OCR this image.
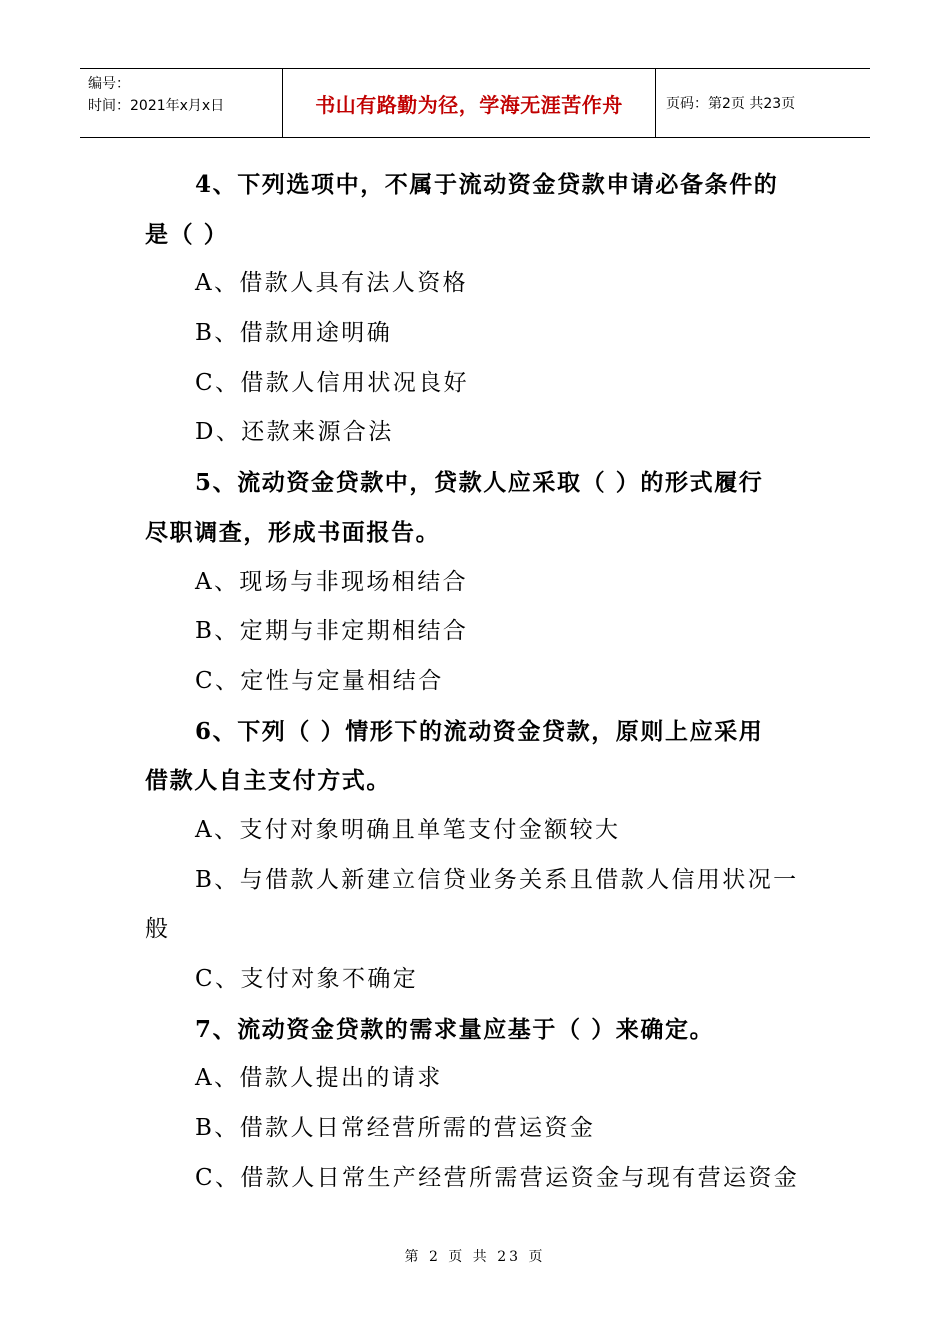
编号：
时间：2021年x月x日	书山有路勤为径，学海无涯苦作舟	页码：第2页 共23页
4、下列选项中，不属于流动资金贷款申请必备条件的
是（ ）
A、借款人具有法人资格
B、借款用途明确
C、借款人信用状况良好
D、还款来源合法
5、流动资金贷款中，贷款人应采取（ ）的形式履行
尽职调查，形成书面报告。
A、现场与非现场相结合
B、定期与非定期相结合
C、定性与定量相结合
6、下列（ ）情形下的流动资金贷款，原则上应采用
借款人自主支付方式。
A、支付对象明确且单笔支付金额较大
B、与借款人新建立信贷业务关系且借款人信用状况一
般
C、支付对象不确定
7、流动资金贷款的需求量应基于（ ）来确定。
A、借款人提出的请求
B、借款人日常经营所需的营运资金
C、借款人日常生产经营所需营运资金与现有营运资金
第 2 页 共 23 页
